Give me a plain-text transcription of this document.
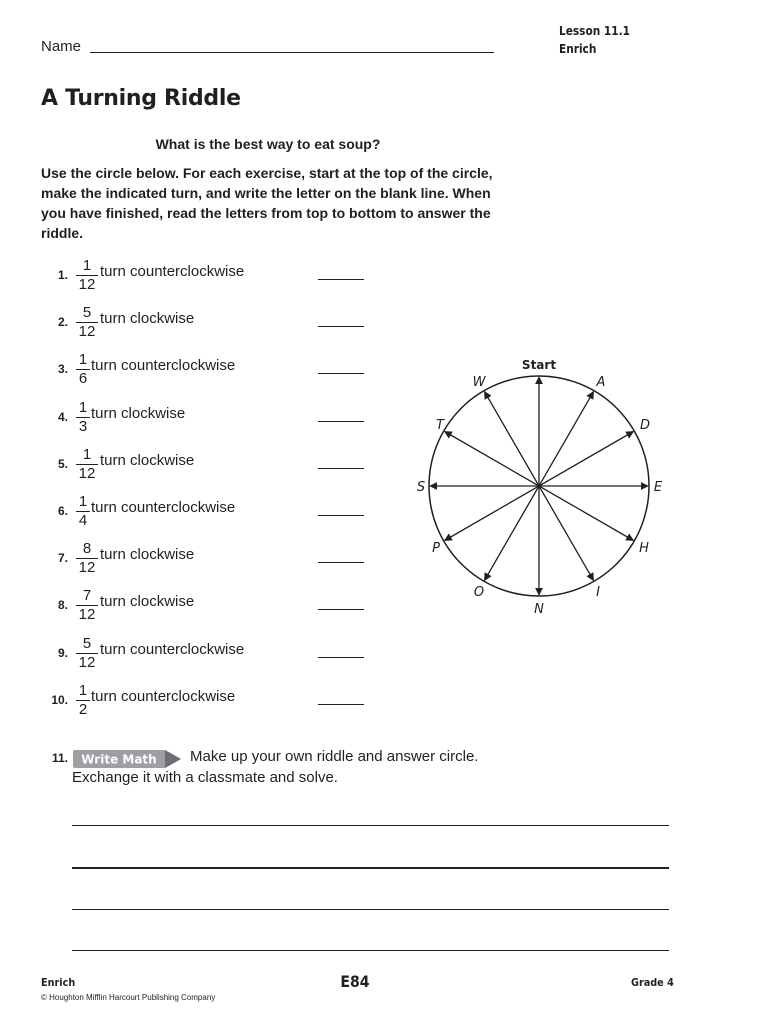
Lesson 11.1
Enrich
Name
A Turning Riddle
What is the best way to eat soup?
Use the circle below. For each exercise, start at the top of the circle, make the indicated turn, and write the letter on the blank line. When you have finished, read the letters from top to bottom to answer the riddle.
1. $\frac{1}{12}$ turn counterclockwise
2. $\frac{5}{12}$ turn clockwise
3. $\frac{1}{6}$ turn counterclockwise
4. $\frac{1}{3}$ turn clockwise
5. $\frac{1}{12}$ turn clockwise
6. $\frac{1}{4}$ turn counterclockwise
7. $\frac{8}{12}$ turn clockwise
8. $\frac{7}{12}$ turn clockwise
9. $\frac{5}{12}$ turn counterclockwise
10. $\frac{1}{2}$ turn counterclockwise
Start
A
D
E
H
I
N
O
P
S
T
W
11. Write Math Make up your own riddle and answer circle.
Exchange it with a classmate and solve.
Enrich
© Houghton Mifflin Harcourt Publishing Company
E84	Grade 4
